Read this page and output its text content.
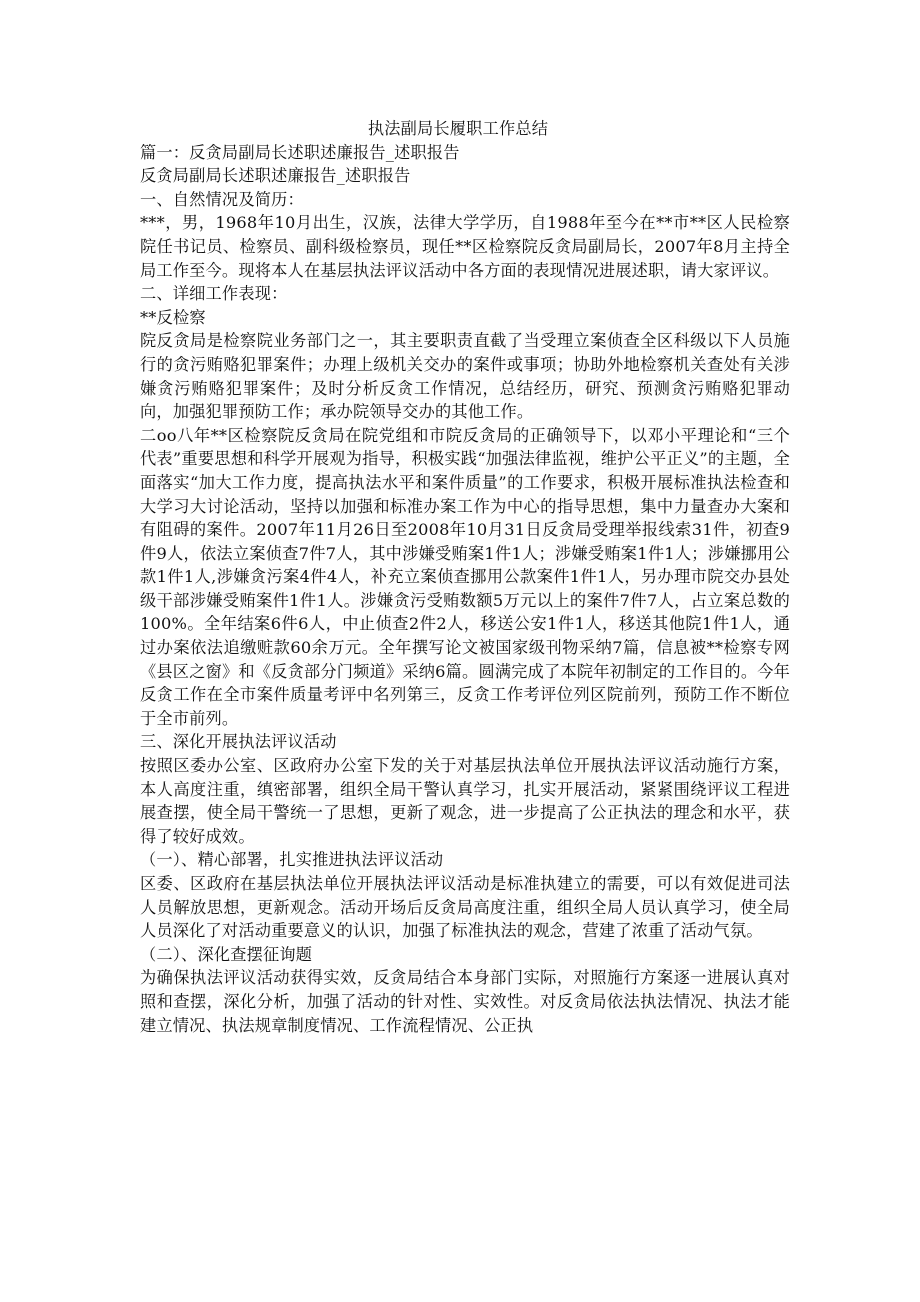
执法副局长履职工作总结

篇一：反贪局副局长述职述廉报告_述职报告

反贪局副局长述职述廉报告_述职报告

一、自然情况及简历：

***，男，1968年10月出生，汉族，法律大学学历，自1988年至今在**市**区人民检察院任书记员、检察员、副科级检察员，现任**区检察院反贪局副局长，2007年8月主持全局工作至今。现将本人在基层执法评议活动中各方面的表现情况进展述职，请大家评议。

二、详细工作表现：

**反检察

院反贪局是检察院业务部门之一，其主要职责直截了当受理立案侦查全区科级以下人员施行的贪污贿赂犯罪案件；办理上级机关交办的案件或事项；协助外地检察机关查处有关涉嫌贪污贿赂犯罪案件；及时分析反贪工作情况，总结经历，研究、预测贪污贿赂犯罪动向，加强犯罪预防工作；承办院领导交办的其他工作。

二oo八年**区检察院反贪局在院党组和市院反贪局的正确领导下，以邓小平理论和“三个代表”重要思想和科学开展观为指导，积极实践“加强法律监视，维护公平正义”的主题，全面落实“加大工作力度，提高执法水平和案件质量”的工作要求，积极开展标准执法检查和大学习大讨论活动，坚持以加强和标准办案工作为中心的指导思想，集中力量查办大案和有阻碍的案件。2007年11月26日至2008年10月31日反贪局受理举报线索31件，初查9件9人，依法立案侦查7件7人，其中涉嫌受贿案1件1人；涉嫌受贿案1件1人；涉嫌挪用公款1件1人,涉嫌贪污案4件4人，补充立案侦查挪用公款案件1件1人，另办理市院交办县处级干部涉嫌受贿案件1件1人。涉嫌贪污受贿数额5万元以上的案件7件7人，占立案总数的100%。全年结案6件6人，中止侦查2件2人，移送公安1件1人，移送其他院1件1人，通过办案依法追缴赃款60余万元。全年撰写论文被国家级刊物采纳7篇，信息被**检察专网《县区之窗》和《反贪部分门频道》采纳6篇。圆满完成了本院年初制定的工作目的。今年反贪工作在全市案件质量考评中名列第三，反贪工作考评位列区院前列，预防工作不断位于全市前列。

三、深化开展执法评议活动

按照区委办公室、区政府办公室下发的关于对基层执法单位开展执法评议活动施行方案，本人高度注重，缜密部署，组织全局干警认真学习，扎实开展活动，紧紧围绕评议工程进展查摆，使全局干警统一了思想，更新了观念，进一步提高了公正执法的理念和水平，获得了较好成效。

（一）、精心部署，扎实推进执法评议活动

区委、区政府在基层执法单位开展执法评议活动是标准执建立的需要，可以有效促进司法人员解放思想，更新观念。活动开场后反贪局高度注重，组织全局人员认真学习，使全局人员深化了对活动重要意义的认识，加强了标准执法的观念，营建了浓重了活动气氛。

（二）、深化查摆征询题

为确保执法评议活动获得实效，反贪局结合本身部门实际，对照施行方案逐一进展认真对照和查摆，深化分析，加强了活动的针对性、实效性。对反贪局依法执法情况、执法才能建立情况、执法规章制度情况、工作流程情况、公正执
